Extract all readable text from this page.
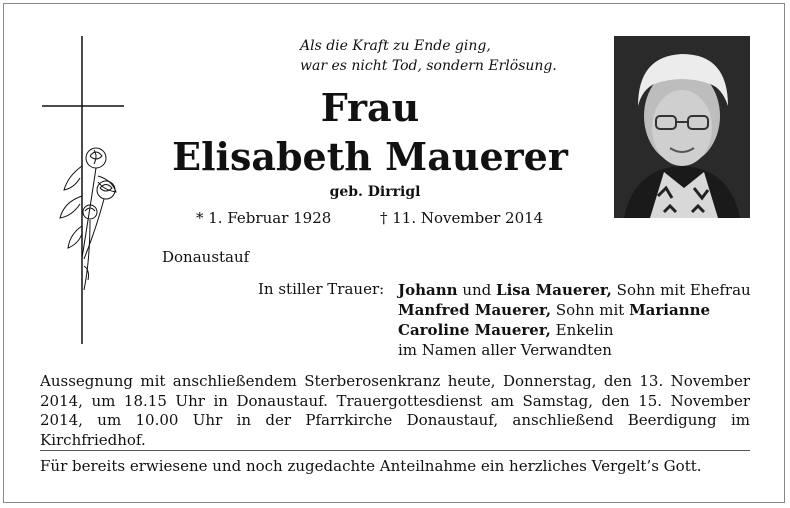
Als die Kraft zu Ende ging,
war es nicht Tod, sondern Erlösung.
Frau
Elisabeth Mauerer
geb. Dirrigl
* 1. Februar 1928	† 11. November 2014
Donaustauf
In stiller Trauer: Johann und Lisa Mauerer, Sohn mit Ehefrau
Manfred Mauerer, Sohn mit Marianne
Caroline Mauerer, Enkelin
im Namen aller Verwandten
Aussegnung mit anschließendem Sterberosenkranz heute, Donnerstag, den 13. November 2014, um 18.15 Uhr in Donaustauf. Trauergottesdienst am Samstag, den 15. November 2014, um 10.00 Uhr in der Pfarrkirche Donaustauf, anschließend Beerdigung im Kirchfriedhof.
Für bereits erwiesene und noch zugedachte Anteilnahme ein herzliches Vergelt’s Gott.
